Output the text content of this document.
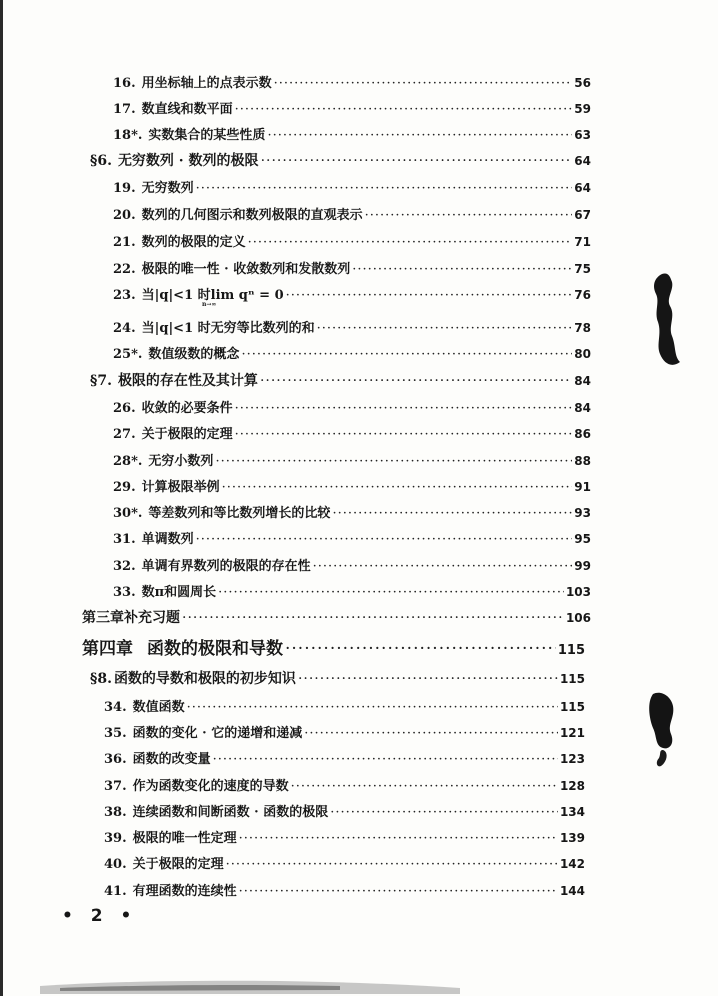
16. 用坐标轴上的点表示数 ·····	56
17. 数直线和数平面 ·····	59
18*. 实数集合的某些性质 ·····	63
§6. 无穷数列 · 数列的极限 ·····	64
19. 无穷数列 ·····	64
20. 数列的几何图示和数列极限的直观表示 ·····	67
21. 数列的极限的定义 ·····	71
22. 极限的唯一性 · 收敛数列和发散数列 ·····	75
23. 当|q|<1 时lim qⁿ = 0 ·····	76
n→∞
24. 当|q|<1 时无穷等比数列的和 ·····	78
25*. 数值级数的概念 ·····	80
§7. 极限的存在性及其计算 ·····	84
26. 收敛的必要条件 ·····	84
27. 关于极限的定理 ·····	86
28*. 无穷小数列 ·····	88
29. 计算极限举例 ·····	91
30*. 等差数列和等比数列增长的比较 ·····	93
31. 单调数列 ·····	95
32. 单调有界数列的极限的存在性 ·····	99
33. 数π和圆周长 ·····	103
第三章补充习题 ·····	106
第四章 函数的极限和导数 ·····	115
§8. 函数的导数和极限的初步知识 ·····	115
34. 数值函数 ·····	115
35. 函数的变化 · 它的递增和递减 ·····	121
36. 函数的改变量 ·····	123
37. 作为函数变化的速度的导数 ·····	128
38. 连续函数和间断函数 · 函数的极限 ·····	134
39. 极限的唯一性定理 ·····	139
40. 关于极限的定理 ·····	142
41. 有理函数的连续性 ·····	144
• 2 •
